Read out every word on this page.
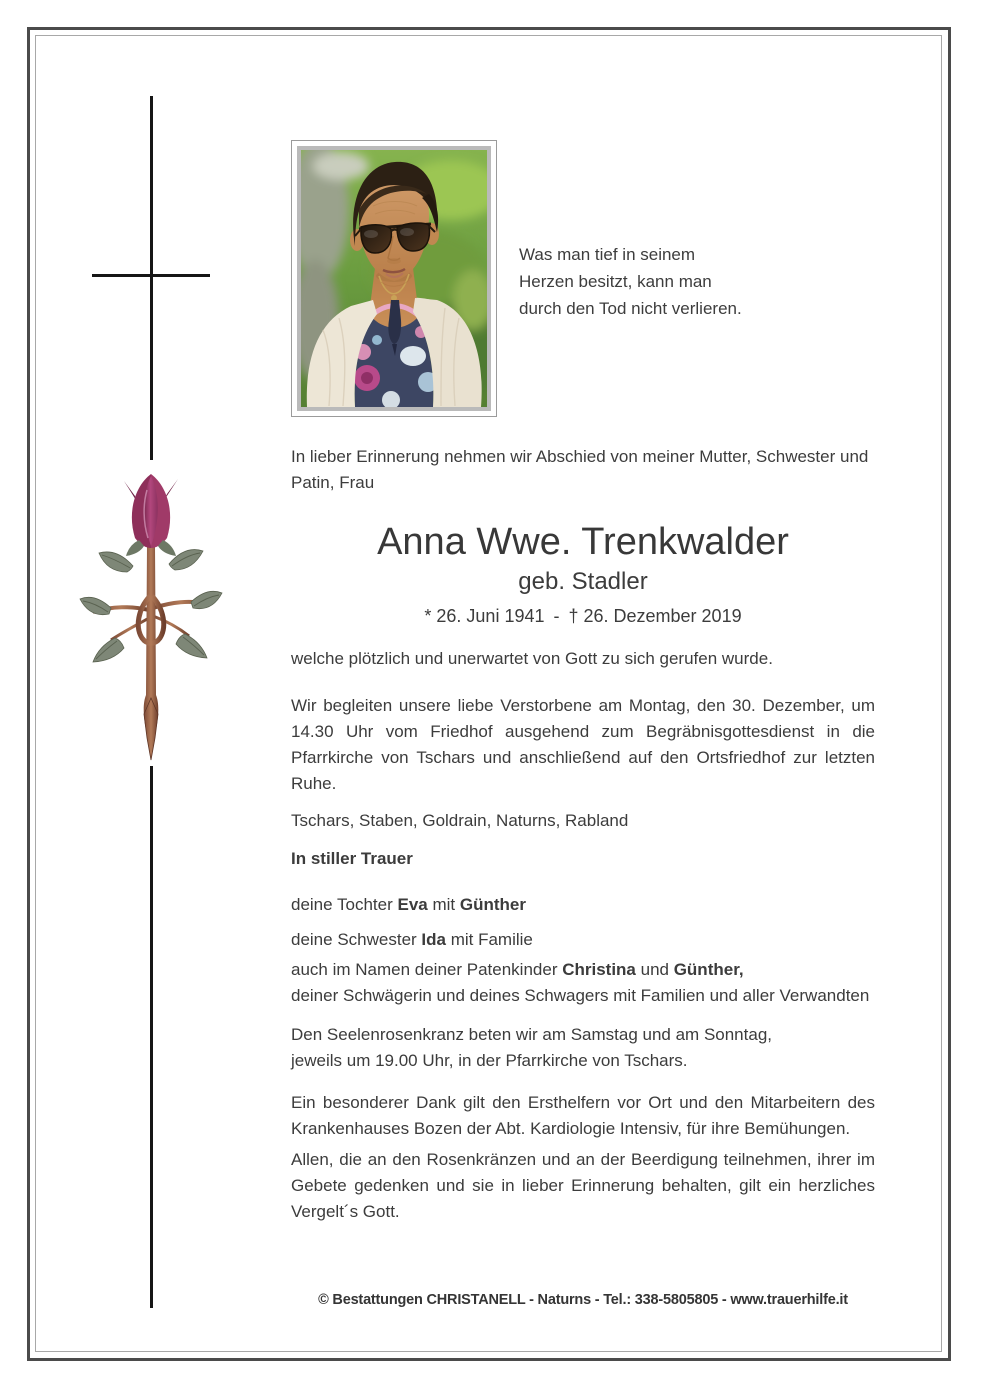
Was man tief in seinem
Herzen besitzt, kann man
durch den Tod nicht verlieren.

In lieber Erinnerung nehmen wir Abschied von meiner Mutter, Schwester und Patin, Frau

Anna Wwe. Trenkwalder

geb. Stadler

* 26. Juni 1941 - † 26. Dezember 2019

welche plötzlich und unerwartet von Gott zu sich gerufen wurde.

Wir begleiten unsere liebe Verstorbene am Montag, den 30. Dezember, um 14.30 Uhr vom Friedhof ausgehend zum Begräbnisgottesdienst in die Pfarrkirche von Tschars und anschließend auf den Ortsfriedhof zur letzten Ruhe.

Tschars, Staben, Goldrain, Naturns, Rabland

In stiller Trauer

deine Tochter Eva mit Günther

deine Schwester Ida mit Familie

auch im Namen deiner Patenkinder Christina und Günther,
deiner Schwägerin und deines Schwagers mit Familien und aller Verwandten

Den Seelenrosenkranz beten wir am Samstag und am Sonntag,
jeweils um 19.00 Uhr, in der Pfarrkirche von Tschars.

Ein besonderer Dank gilt den Ersthelfern vor Ort und den Mitarbeitern des Krankenhauses Bozen der Abt. Kardiologie Intensiv, für ihre Bemühungen.

Allen, die an den Rosenkränzen und an der Beerdigung teilnehmen, ihrer im Gebete gedenken und sie in lieber Erinnerung behalten, gilt ein herzliches Vergelt´s Gott.

© Bestattungen CHRISTANELL - Naturns - Tel.: 338-5805805 - www.trauerhilfe.it
